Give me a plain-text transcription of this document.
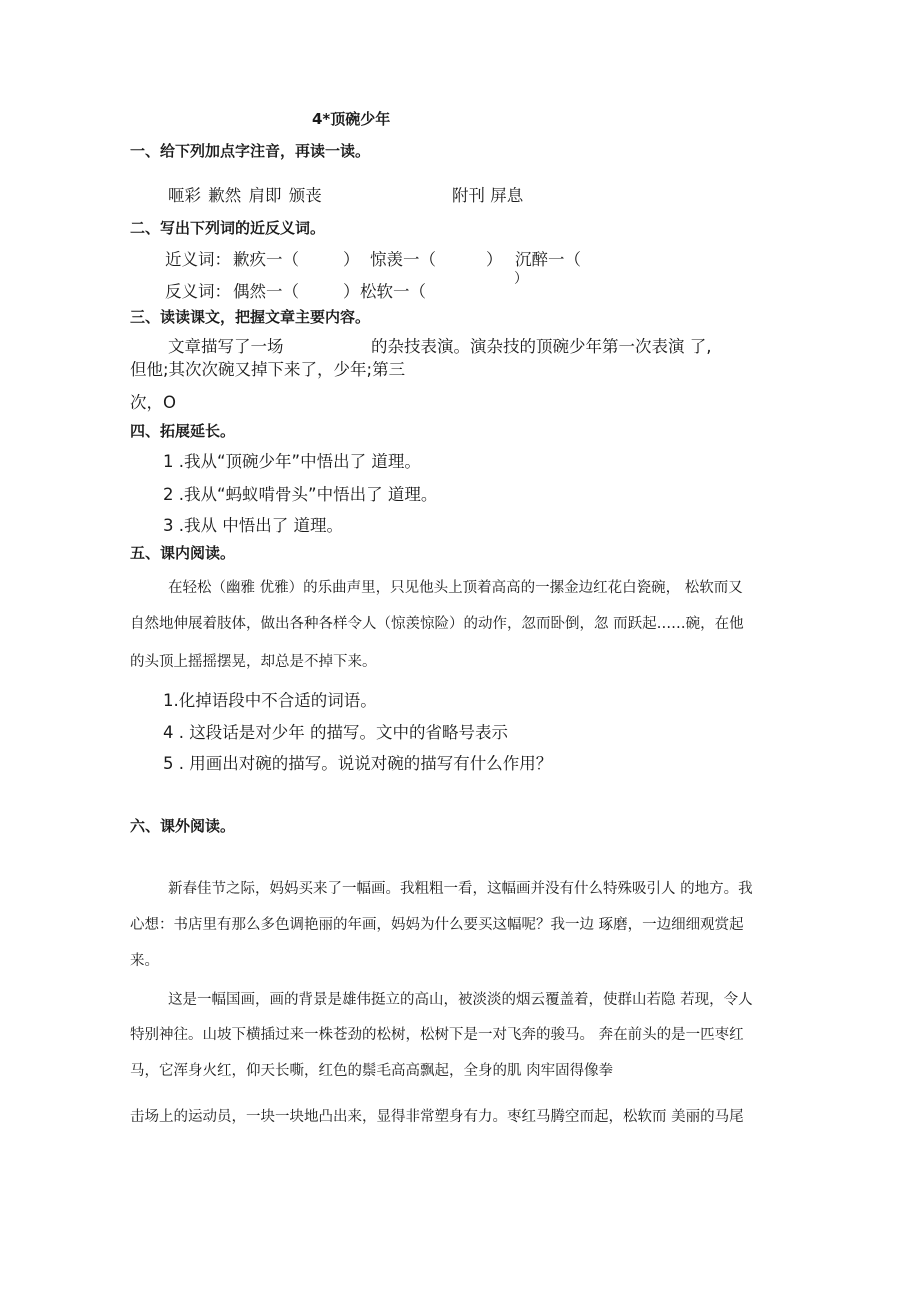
4*顶碗少年
一、给下列加点字注音，再读一读。
咂彩 歉然 肩即 颁丧	附刊 屏息
二、写出下列词的近反义词。
近义词： 歉疚一（	） 惊羡一（	） 沉醉一（
）
反义词： 偶然一（	） 松软一（
三、读读课文，把握文章主要内容。
文章描写了一场	的杂技表演。演杂技的顶碗少年第一次表演 了,
但他;其次次碗又掉下来了，少年;第三
次，O
四、拓展延长。
1 .我从“顶碗少年”中悟出了 道理。
2 .我从“蚂蚁啃骨头”中悟出了 道理。
3 .我从 中悟出了 道理。
五、课内阅读。
在轻松（幽雅 优雅）的乐曲声里，只见他头上顶着高高的一摞金边红花白瓷碗， 松软而又
自然地伸展着肢体，做出各种各样令人（惊羡惊险）的动作，忽而卧倒，忽 而跃起……碗，在他
的头顶上摇摇摆晃，却总是不掉下来。
1.化掉语段中不合适的词语。
4 . 这段话是对少年 的描写。文中的省略号表示
5 . 用画出对碗的描写。说说对碗的描写有什么作用？
六、课外阅读。
新春佳节之际，妈妈买来了一幅画。我粗粗一看，这幅画并没有什么特殊吸引人 的地方。我
心想：书店里有那么多色调艳丽的年画，妈妈为什么要买这幅呢？我一边 琢磨，一边细细观赏起
来。
这是一幅国画，画的背景是雄伟挺立的高山，被淡淡的烟云覆盖着，使群山若隐 若现，令人
特别神往。山坡下横插过来一株苍劲的松树，松树下是一对飞奔的骏马。 奔在前头的是一匹枣红
马，它浑身火红，仰天长嘶，红色的鬃毛高高飘起，全身的肌 肉牢固得像拳
击场上的运动员，一块一块地凸出来，显得非常塑身有力。枣红马腾空而起，松软而 美丽的马尾
